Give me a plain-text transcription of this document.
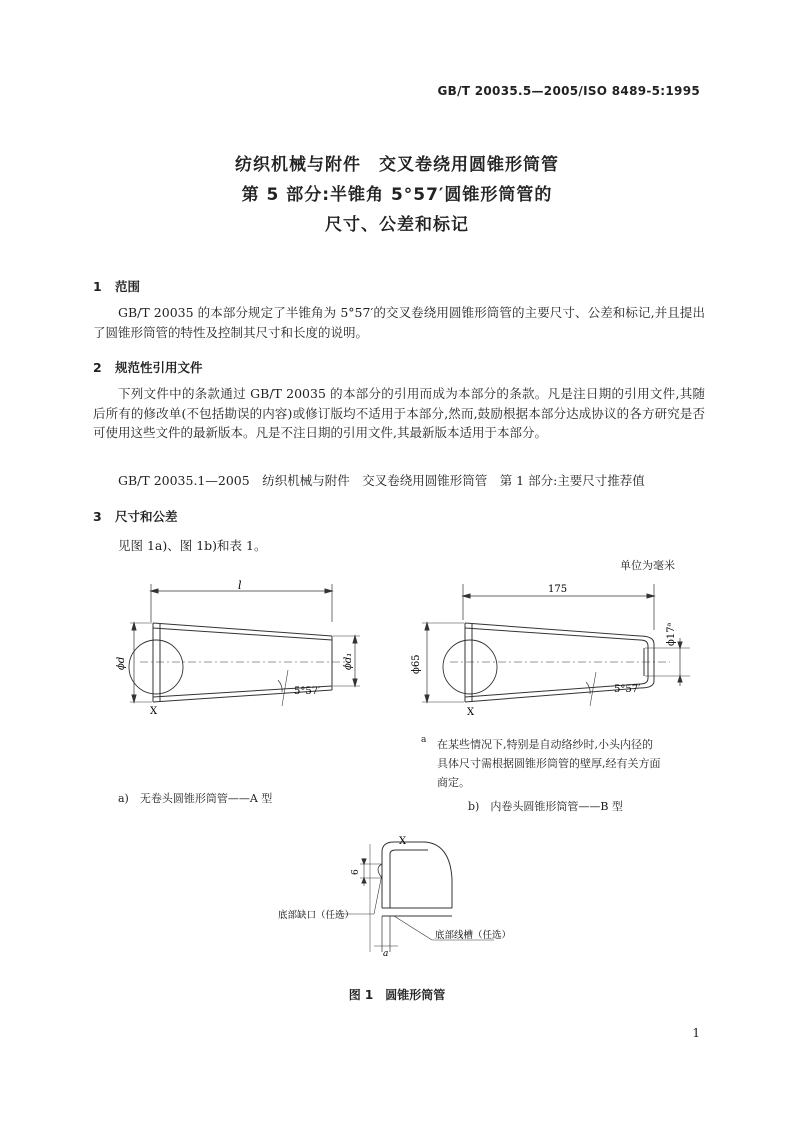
GB/T 20035.5—2005/ISO 8489-5:1995
纺织机械与附件　交叉卷绕用圆锥形筒管
第 5 部分:半锥角 5°57′圆锥形筒管的
尺寸、公差和标记
1 范围
GB/T 20035 的本部分规定了半锥角为 5°57′的交叉卷绕用圆锥形筒管的主要尺寸、公差和标记,并且提出了圆锥形筒管的特性及控制其尺寸和长度的说明。
2 规范性引用文件
下列文件中的条款通过 GB/T 20035 的本部分的引用而成为本部分的条款。凡是注日期的引用文件,其随后所有的修改单(不包括勘误的内容)或修订版均不适用于本部分,然而,鼓励根据本部分达成协议的各方研究是否可使用这些文件的最新版本。凡是不注日期的引用文件,其最新版本适用于本部分。
GB/T 20035.1—2005　纺织机械与附件　交叉卷绕用圆锥形筒管　第 1 部分:主要尺寸推荐值
3 尺寸和公差
见图 1a)、图 1b)和表 1。
单位为毫米
l
ϕd	ϕd₁
5°57′
X
175
ϕ65
ϕ17ᵃ
5°57′
X
a 在某些情况下,特别是自动络纱时,小头内径的
具体尺寸需根据圆锥形筒管的壁厚,经有关方面
商定。
a)　无卷头圆锥形筒管——A 型
b)　内卷头圆锥形筒管——B 型
X
6
a
底部缺口（任选）
底部线槽（任选）
图 1　圆锥形筒管
1
